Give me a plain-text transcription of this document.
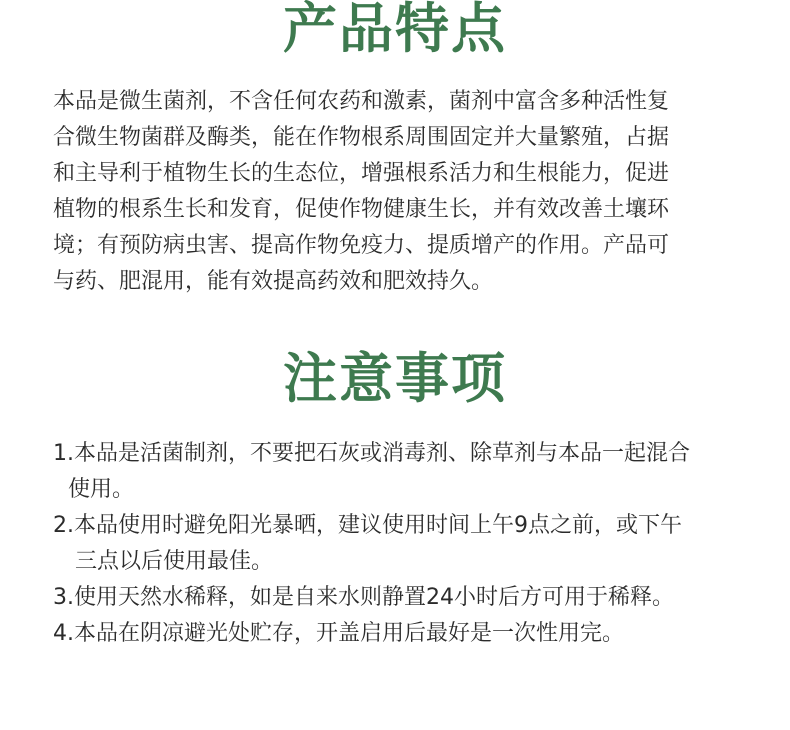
产品特点

本品是微生菌剂，不含任何农药和激素，菌剂中富含多种活性复
合微生物菌群及酶类，能在作物根系周围固定并大量繁殖，占据
和主导利于植物生长的生态位，增强根系活力和生根能力，促进
植物的根系生长和发育，促使作物健康生长，并有效改善土壤环
境；有预防病虫害、提高作物免疫力、提质增产的作用。产品可
与药、肥混用，能有效提高药效和肥效持久。

注意事项
1.本品是活菌制剂，不要把石灰或消毒剂、除草剂与本品一起混合
使用。
2.本品使用时避免阳光暴晒，建议使用时间上午9点之前，或下午
三点以后使用最佳。
3.使用天然水稀释，如是自来水则静置24小时后方可用于稀释。
4.本品在阴凉避光处贮存，开盖启用后最好是一次性用完。
